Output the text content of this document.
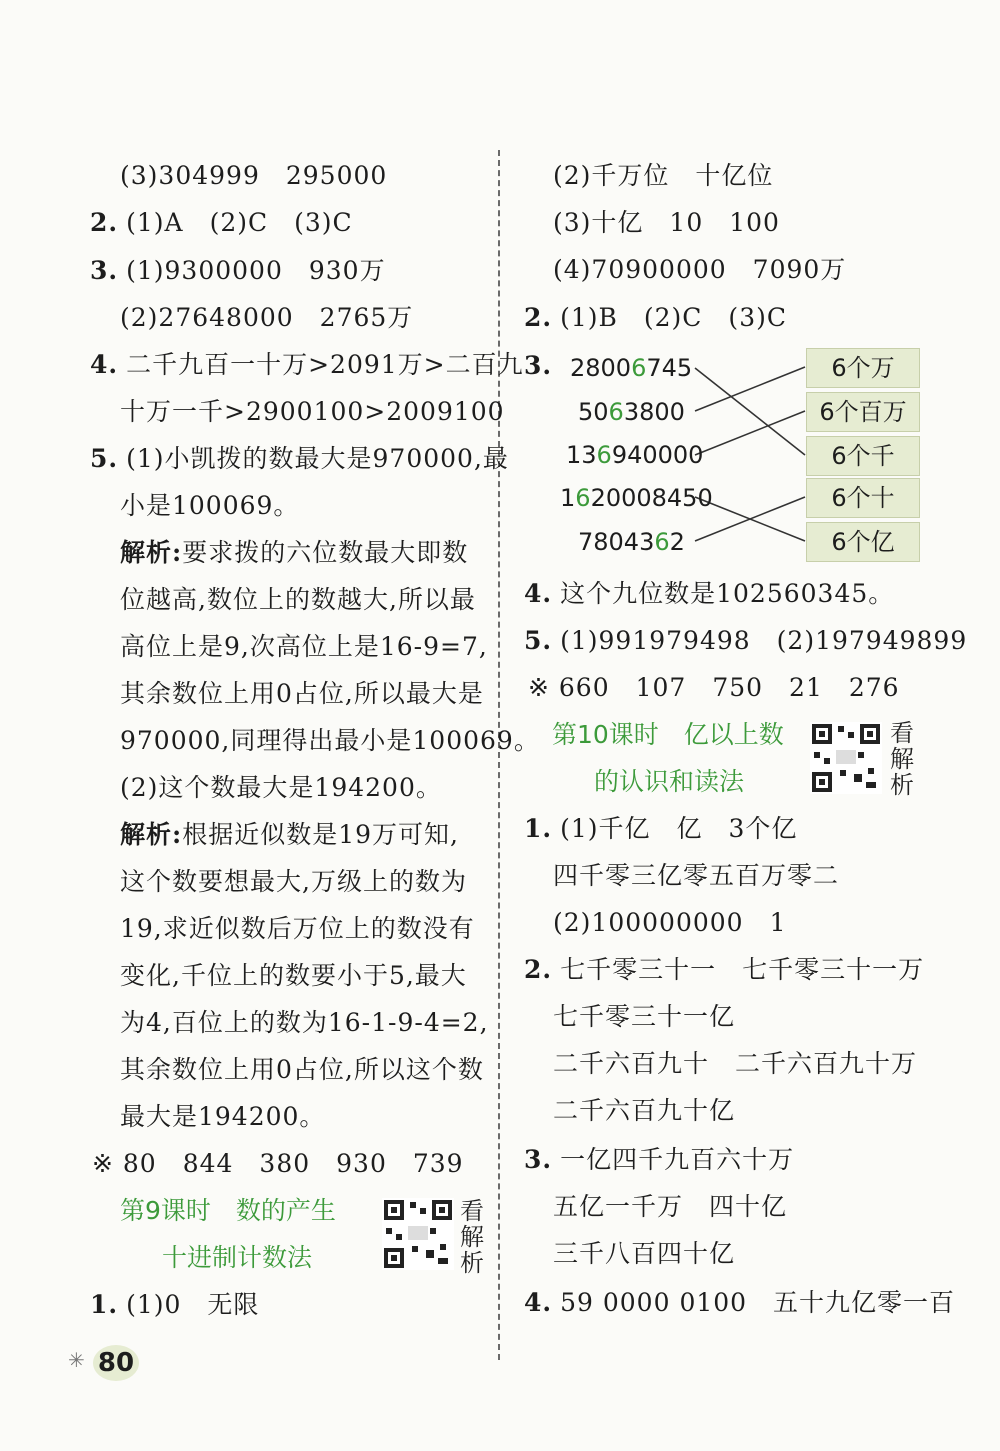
(3)304999　295000
2. (1)A　(2)C　(3)C
3. (1)9300000　930万
(2)27648000　2765万
4. 二千九百一十万>2091万>二百九
十万一千>2900100>2009100
5. (1)小凯拨的数最大是970000,最
小是100069。
解析:要求拨的六位数最大即数
位越高,数位上的数越大,所以最
高位上是9,次高位上是16-9=7,
其余数位上用0占位,所以最大是
970000,同理得出最小是100069。
(2)这个数最大是194200。
解析:根据近似数是19万可知,
这个数要想最大,万级上的数为
19,求近似数后万位上的数没有
变化,千位上的数要小于5,最大
为4,百位上的数为16-1-9-4=2,
其余数位上用0占位,所以这个数
最大是194200。
※ 80　844　380　930　739
第9课时　数的产生
十进制计数法
看解析
1. (1)0　无限
(2)千万位　十亿位
(3)十亿　10　100
(4)70900000　7090万
2. (1)B　(2)C　(3)C
3. 28006745
5063800
136940000
1620008450
7804362
6个万
6个百万
6个千
6个十
6个亿
4. 这个九位数是102560345。
5. (1)991979498　(2)197949899
※ 660　107　750　21　276
第10课时　亿以上数
的认识和读法
看解析
1. (1)千亿　亿　3个亿
四千零三亿零五百万零二
(2)100000000　1
2. 七千零三十一　七千零三十一万
七千零三十一亿
二千六百九十　二千六百九十万
二千六百九十亿
3. 一亿四千九百六十万
五亿一千万　四十亿
三千八百四十亿
4. 59 0000 0100　五十九亿零一百
✳ 80
